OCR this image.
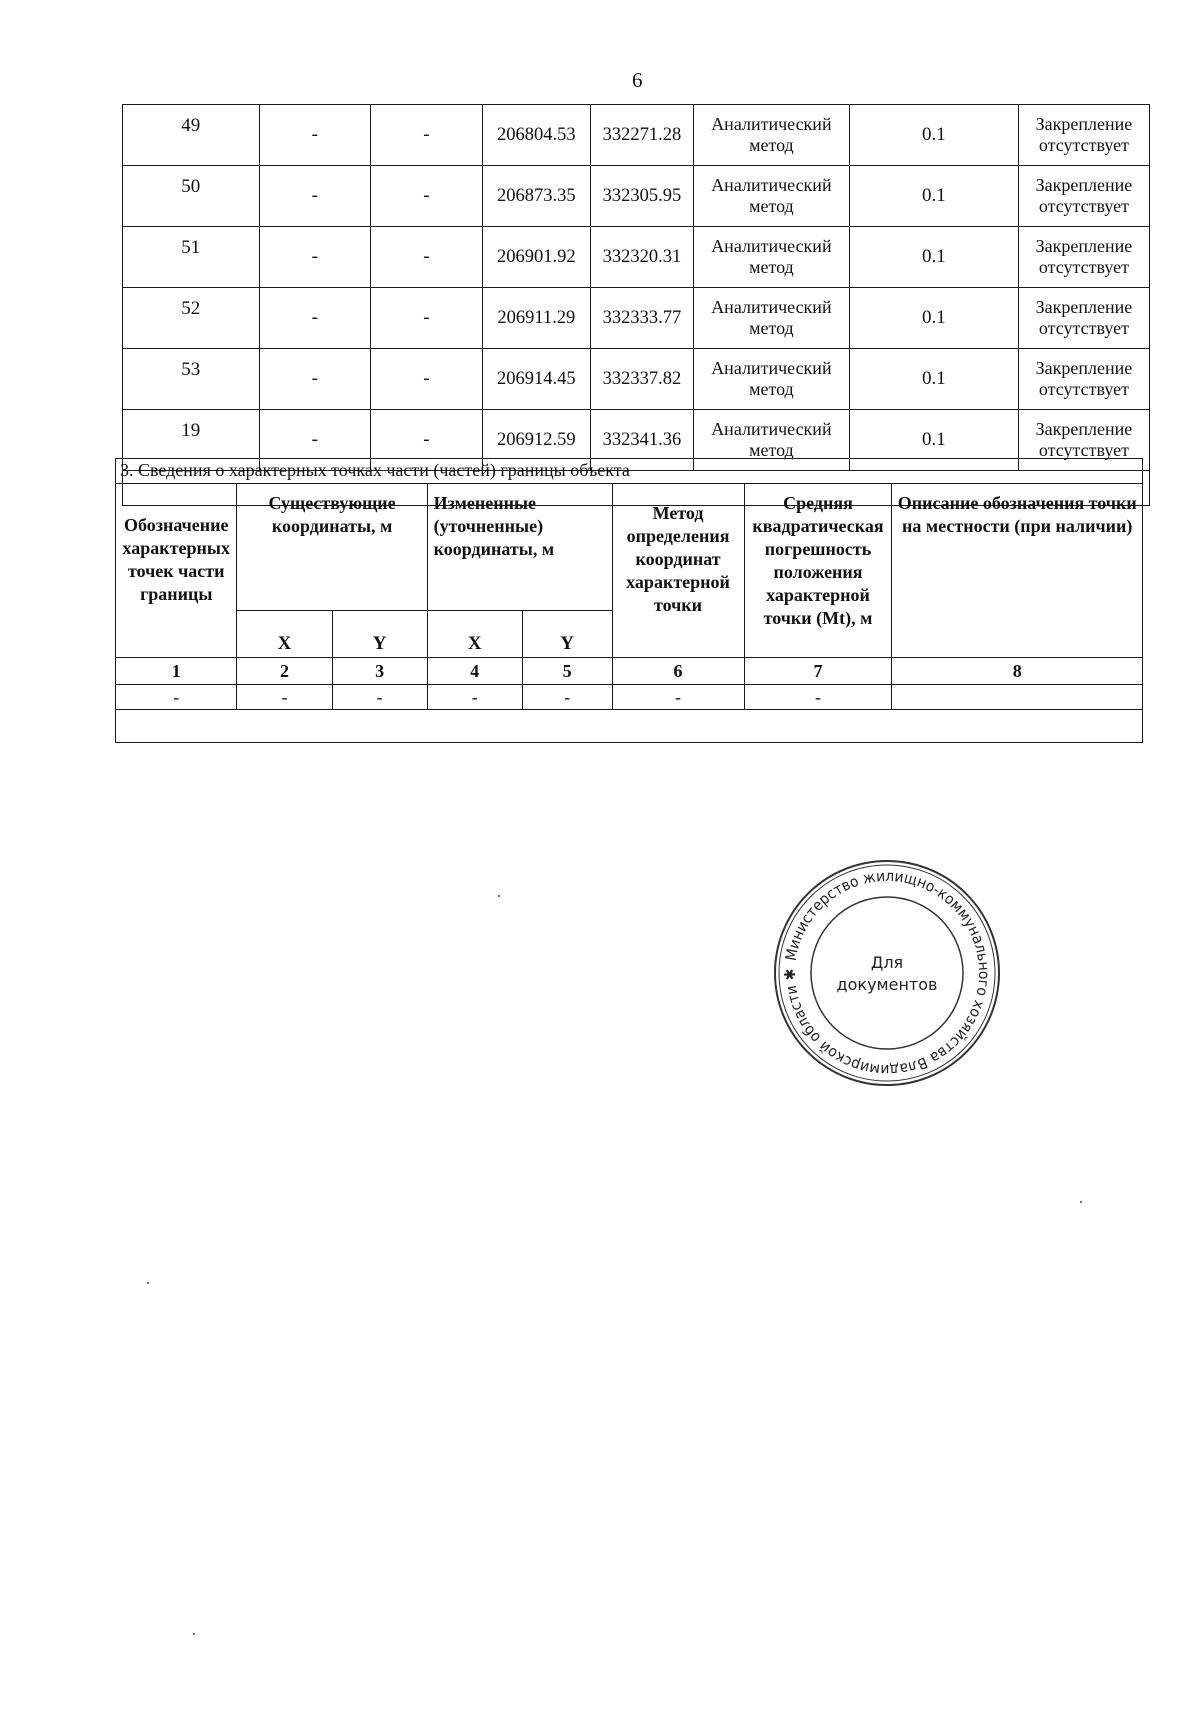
6
49	-	-	206804.53	332271.28	Аналитический метод	0.1	Закрепление отсутствует
50	-	-	206873.35	332305.95	Аналитический метод	0.1	Закрепление отсутствует
51	-	-	206901.92	332320.31	Аналитический метод	0.1	Закрепление отсутствует
52	-	-	206911.29	332333.77	Аналитический метод	0.1	Закрепление отсутствует
53	-	-	206914.45	332337.82	Аналитический метод	0.1	Закрепление отсутствует
19	-	-	206912.59	332341.36	Аналитический метод	0.1	Закрепление отсутствует

3. Сведения о характерных точках части (частей) границы объекта							
Обозначение характерных точек части границы	Существующие координаты, м		Измененные (уточненные) координаты, м		Метод определения координат характерной точки	Средняя квадратическая погрешность положения характерной точки (Mt), м	Описание обозначения точки на местности (при наличии)
	X	Y	X	Y			
1	2	3	4	5	6	7	8
-	-	-	-	-	-	-	

Министерство жилищно-коммунального хозяйства Владимирской области ✱
Для
документов
